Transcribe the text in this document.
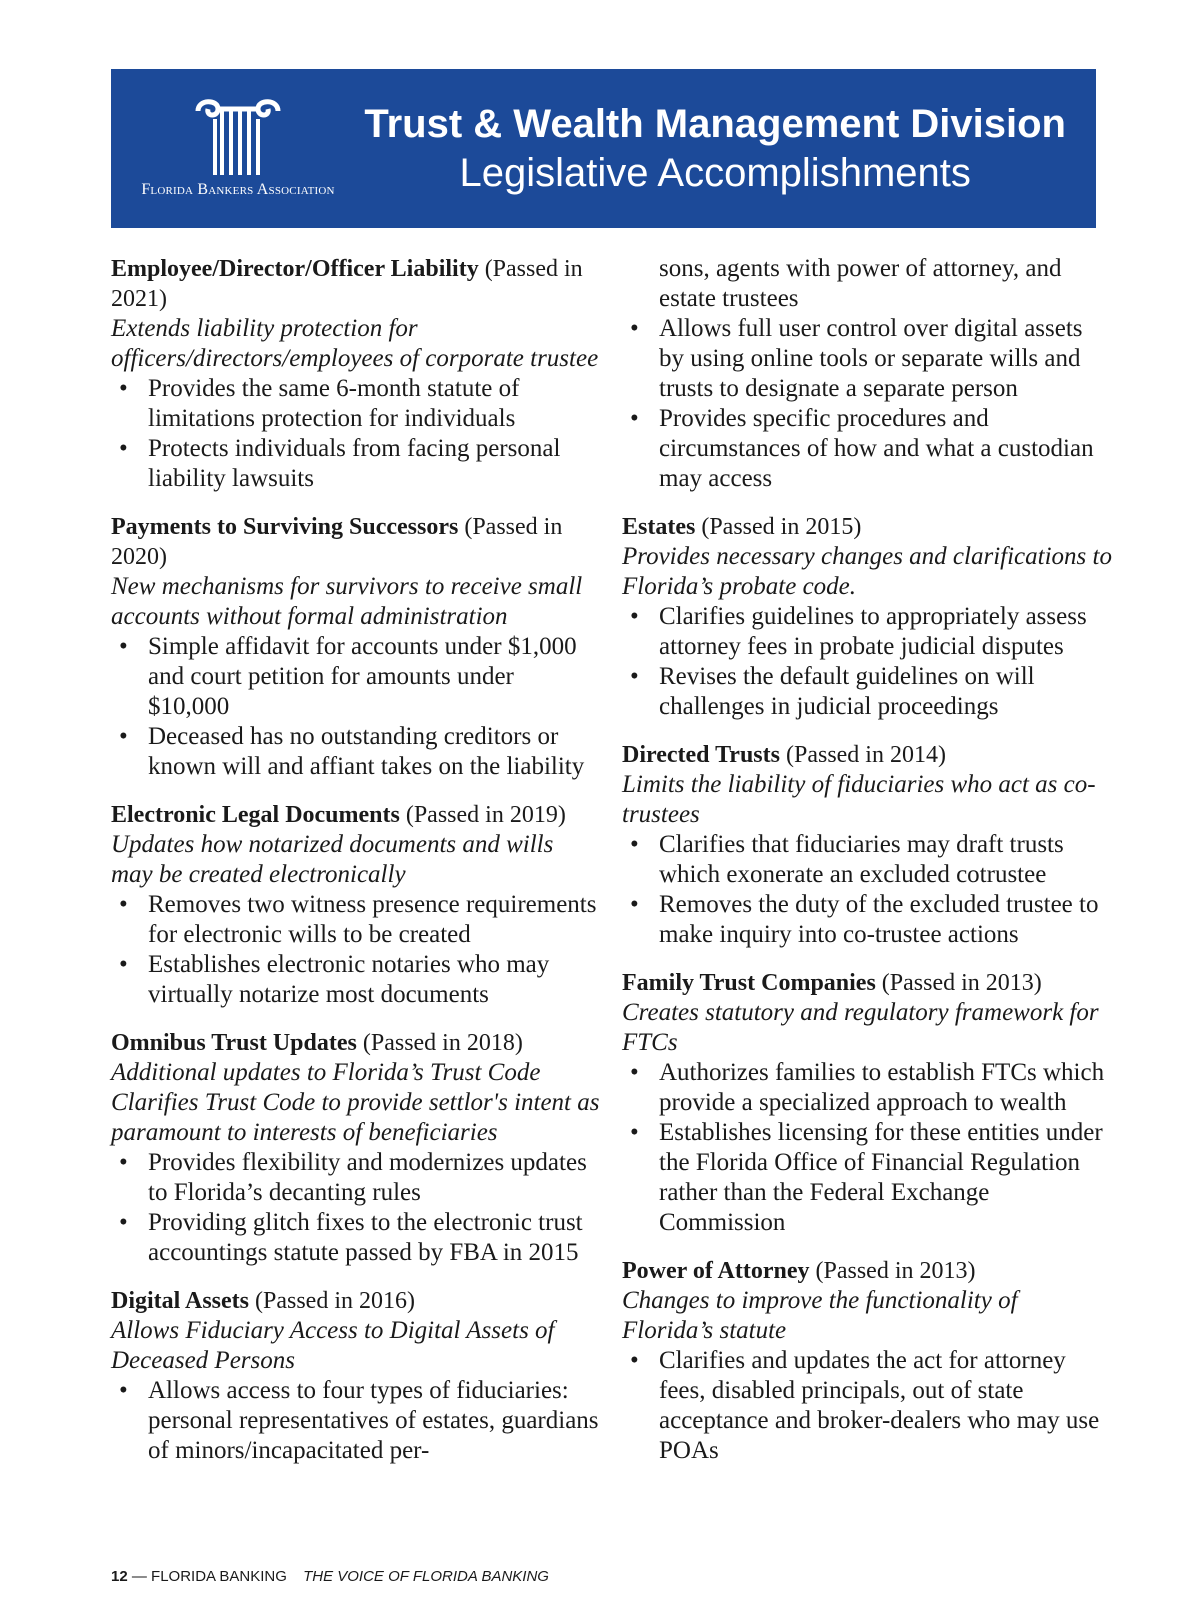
Florida Bankers Association
Trust & Wealth Management Division
Legislative Accomplishments
Employee/Director/Officer Liability (Passed in 2021)
Extends liability protection for officers/directors/employees of corporate trustee
• Provides the same 6-month statute of limitations protection for individuals
• Protects individuals from facing personal liability lawsuits
Payments to Surviving Successors (Passed in 2020)
New mechanisms for survivors to receive small accounts without formal administration
• Simple affidavit for accounts under $1,000 and court petition for amounts under $10,000
• Deceased has no outstanding creditors or known will and affiant takes on the liability
Electronic Legal Documents (Passed in 2019)
Updates how notarized documents and wills may be created electronically
• Removes two witness presence requirements for electronic wills to be created
• Establishes electronic notaries who may virtually notarize most documents
Omnibus Trust Updates (Passed in 2018)
Additional updates to Florida’s Trust Code Clarifies Trust Code to provide settlor's intent as paramount to interests of beneficiaries
• Provides flexibility and modernizes updates to Florida’s decanting rules
• Providing glitch fixes to the electronic trust accountings statute passed by FBA in 2015
Digital Assets (Passed in 2016)
Allows Fiduciary Access to Digital Assets of Deceased Persons
• Allows access to four types of fiduciaries: personal representatives of estates, guardians of minors/incapacitated per-
sons, agents with power of attorney, and estate trustees
• Allows full user control over digital assets by using online tools or separate wills and trusts to designate a separate person
• Provides specific procedures and circumstances of how and what a custodian may access
Estates (Passed in 2015)
Provides necessary changes and clarifications to Florida’s probate code.
• Clarifies guidelines to appropriately assess attorney fees in probate judicial disputes
• Revises the default guidelines on will challenges in judicial proceedings
Directed Trusts (Passed in 2014)
Limits the liability of fiduciaries who act as co-trustees
• Clarifies that fiduciaries may draft trusts which exonerate an excluded cotrustee
• Removes the duty of the excluded trustee to make inquiry into co-trustee actions
Family Trust Companies (Passed in 2013)
Creates statutory and regulatory framework for FTCs
• Authorizes families to establish FTCs which provide a specialized approach to wealth
• Establishes licensing for these entities under the Florida Office of Financial Regulation rather than the Federal Exchange Commission
Power of Attorney (Passed in 2013)
Changes to improve the functionality of Florida’s statute
• Clarifies and updates the act for attorney fees, disabled principals, out of state acceptance and broker-dealers who may use POAs
12 — FLORIDA BANKING THE VOICE OF FLORIDA BANKING
